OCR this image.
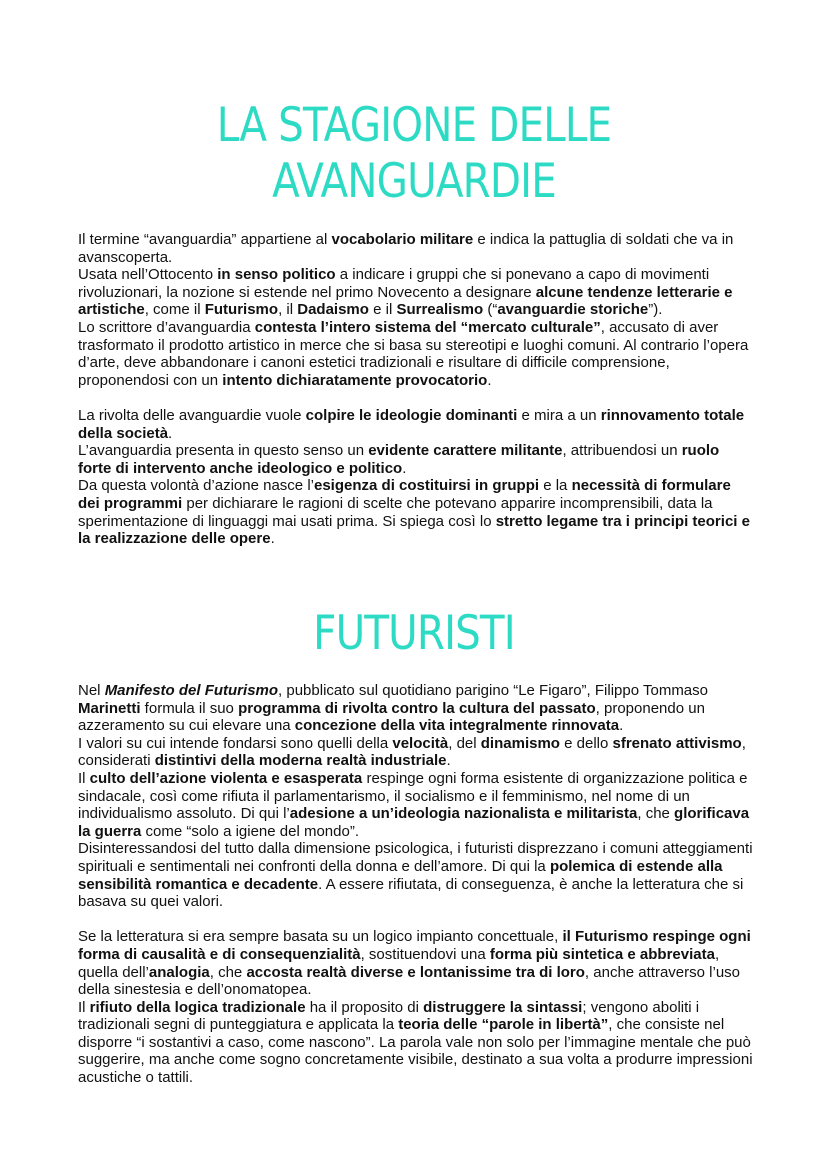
LA STAGIONE DELLE
AVANGUARDIE

Il termine “avanguardia” appartiene al vocabolario militare e indica la pattuglia di soldati che va in avanscoperta.

Usata nell’Ottocento in senso politico a indicare i gruppi che si ponevano a capo di movimenti rivoluzionari, la nozione si estende nel primo Novecento a designare alcune tendenze letterarie e artistiche, come il Futurismo, il Dadaismo e il Surrealismo (“avanguardie storiche”).

Lo scrittore d’avanguardia contesta l’intero sistema del “mercato culturale”, accusato di aver trasformato il prodotto artistico in merce che si basa su stereotipi e luoghi comuni. Al contrario l’opera d’arte, deve abbandonare i canoni estetici tradizionali e risultare di difficile comprensione, proponendosi con un intento dichiaratamente provocatorio.

La rivolta delle avanguardie vuole colpire le ideologie dominanti e mira a un rinnovamento totale della società.

L’avanguardia presenta in questo senso un evidente carattere militante, attribuendosi un ruolo forte di intervento anche ideologico e politico.

Da questa volontà d’azione nasce l’esigenza di costituirsi in gruppi e la necessità di formulare dei programmi per dichiarare le ragioni di scelte che potevano apparire incomprensibili, data la sperimentazione di linguaggi mai usati prima. Si spiega così lo stretto legame tra i principi teorici e la realizzazione delle opere.

FUTURISTI

Nel Manifesto del Futurismo, pubblicato sul quotidiano parigino “Le Figaro”, Filippo Tommaso Marinetti formula il suo programma di rivolta contro la cultura del passato, proponendo un azzeramento su cui elevare una concezione della vita integralmente rinnovata.

I valori su cui intende fondarsi sono quelli della velocità, del dinamismo e dello sfrenato attivismo, considerati distintivi della moderna realtà industriale.

Il culto dell’azione violenta e esasperata respinge ogni forma esistente di organizzazione politica e sindacale, così come rifiuta il parlamentarismo, il socialismo e il femminismo, nel nome di un individualismo assoluto. Di qui l’adesione a un’ideologia nazionalista e militarista, che glorificava la guerra come “solo a igiene del mondo”.

Disinteressandosi del tutto dalla dimensione psicologica, i futuristi disprezzano i comuni atteggiamenti spirituali e sentimentali nei confronti della donna e dell’amore. Di qui la polemica di estende alla sensibilità romantica e decadente. A essere rifiutata, di conseguenza, è anche la letteratura che si basava su quei valori.

Se la letteratura si era sempre basata su un logico impianto concettuale, il Futurismo respinge ogni forma di causalità e di consequenzialità, sostituendovi una forma più sintetica e abbreviata, quella dell’analogia, che accosta realtà diverse e lontanissime tra di loro, anche attraverso l’uso della sinestesia e dell’onomatopea.

Il rifiuto della logica tradizionale ha il proposito di distruggere la sintassi; vengono aboliti i tradizionali segni di punteggiatura e applicata la teoria delle “parole in libertà”, che consiste nel disporre “i sostantivi a caso, come nascono”. La parola vale non solo per l’immagine mentale che può suggerire, ma anche come sogno concretamente visibile, destinato a sua volta a produrre impressioni acustiche o tattili.
